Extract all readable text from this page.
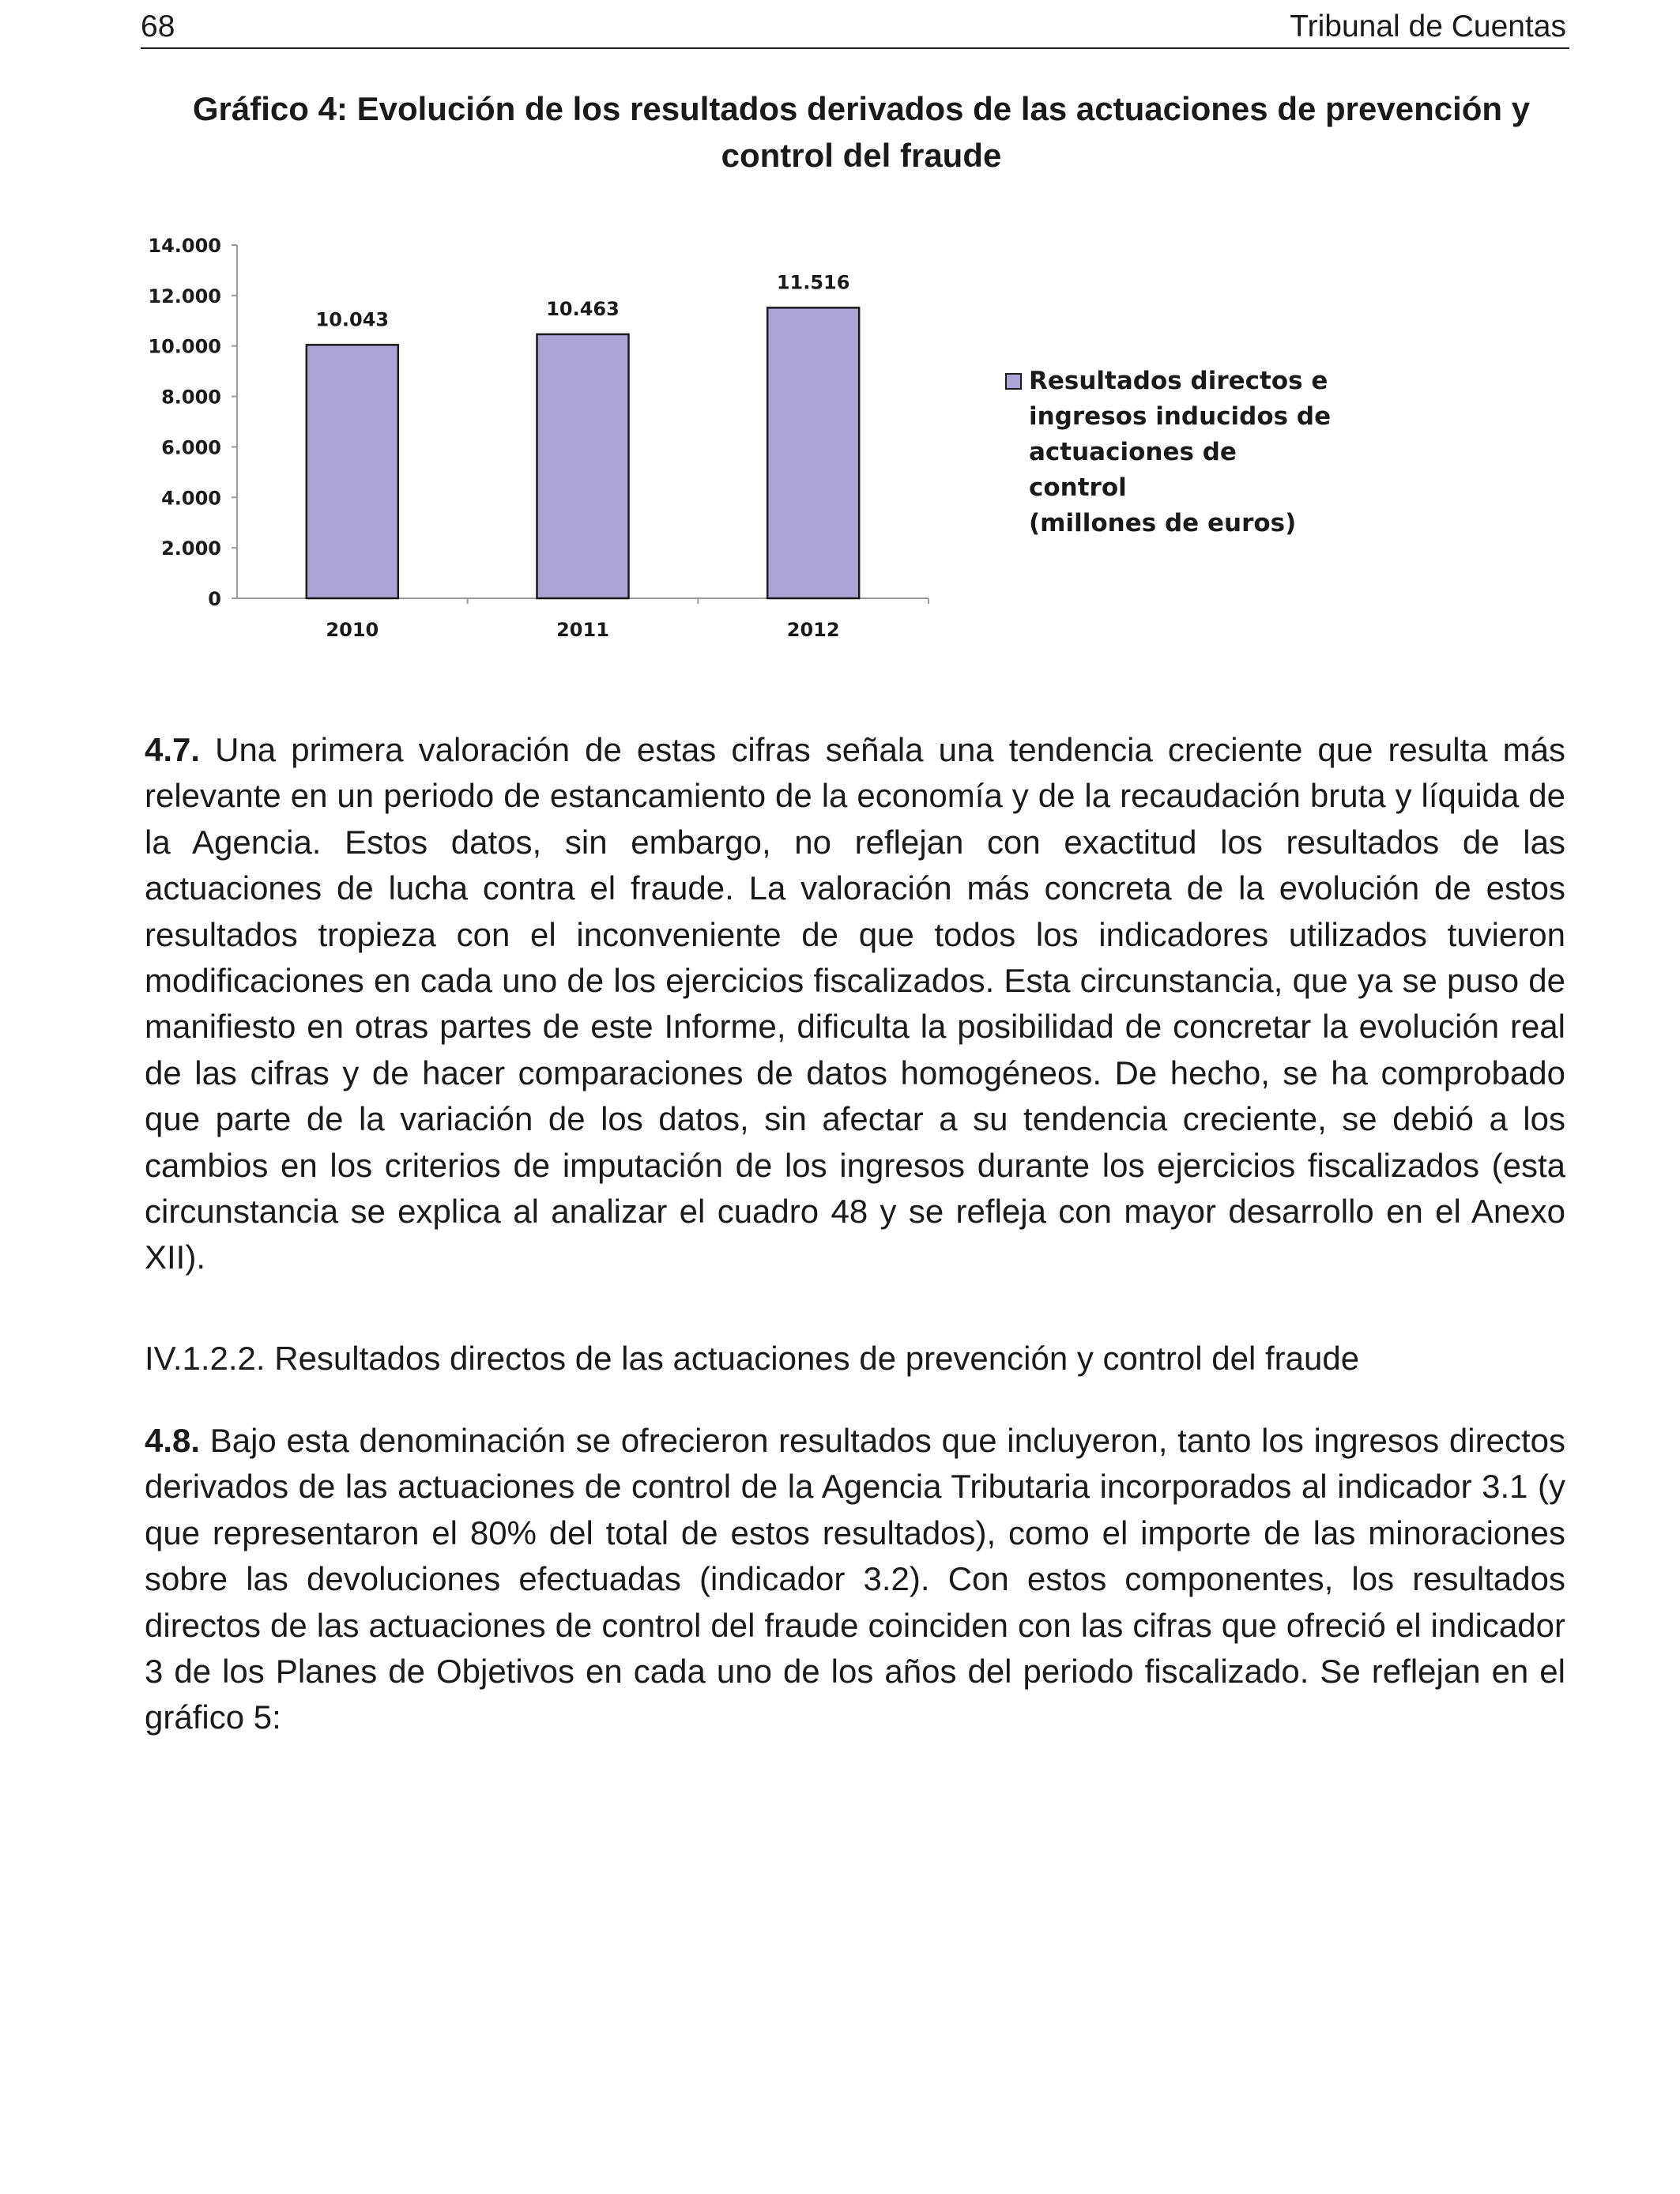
68	Tribunal de Cuentas
Gráfico 4: Evolución de los resultados derivados de las actuaciones de prevención y
control del fraude
0
2.000
4.000
6.000
8.000
10.000
12.000
14.000
10.043
2010
10.463
2011
11.516
2012
Resultados directos e
ingresos inducidos de
actuaciones de control
(millones de euros)

4.7. Una primera valoración de estas cifras señala una tendencia creciente que resulta más relevante en un periodo de estancamiento de la economía y de la recaudación bruta y líquida de la Agencia. Estos datos, sin embargo, no reflejan con exactitud los resultados de las actuaciones de lucha contra el fraude. La valoración más concreta de la evolución de estos resultados tropieza con el inconveniente de que todos los indicadores utilizados tuvieron modificaciones en cada uno de los ejercicios fiscalizados. Esta circunstancia, que ya se puso de manifiesto en otras partes de este Informe, dificulta la posibilidad de concretar la evolución real de las cifras y de hacer comparaciones de datos homogéneos. De hecho, se ha comprobado que parte de la variación de los datos, sin afectar a su tendencia creciente, se debió a los cambios en los criterios de imputación de los ingresos durante los ejercicios fiscalizados (esta circunstancia se explica al analizar el cuadro 48 y se refleja con mayor desarrollo en el Anexo XII).

IV.1.2.2. Resultados directos de las actuaciones de prevención y control del fraude

4.8. Bajo esta denominación se ofrecieron resultados que incluyeron, tanto los ingresos directos derivados de las actuaciones de control de la Agencia Tributaria incorporados al indicador 3.1 (y que representaron el 80% del total de estos resultados), como el importe de las minoraciones sobre las devoluciones efectuadas (indicador 3.2). Con estos componentes, los resultados directos de las actuaciones de control del fraude coinciden con las cifras que ofreció el indicador 3 de los Planes de Objetivos en cada uno de los años del periodo fiscalizado. Se reflejan en el gráfico 5:
